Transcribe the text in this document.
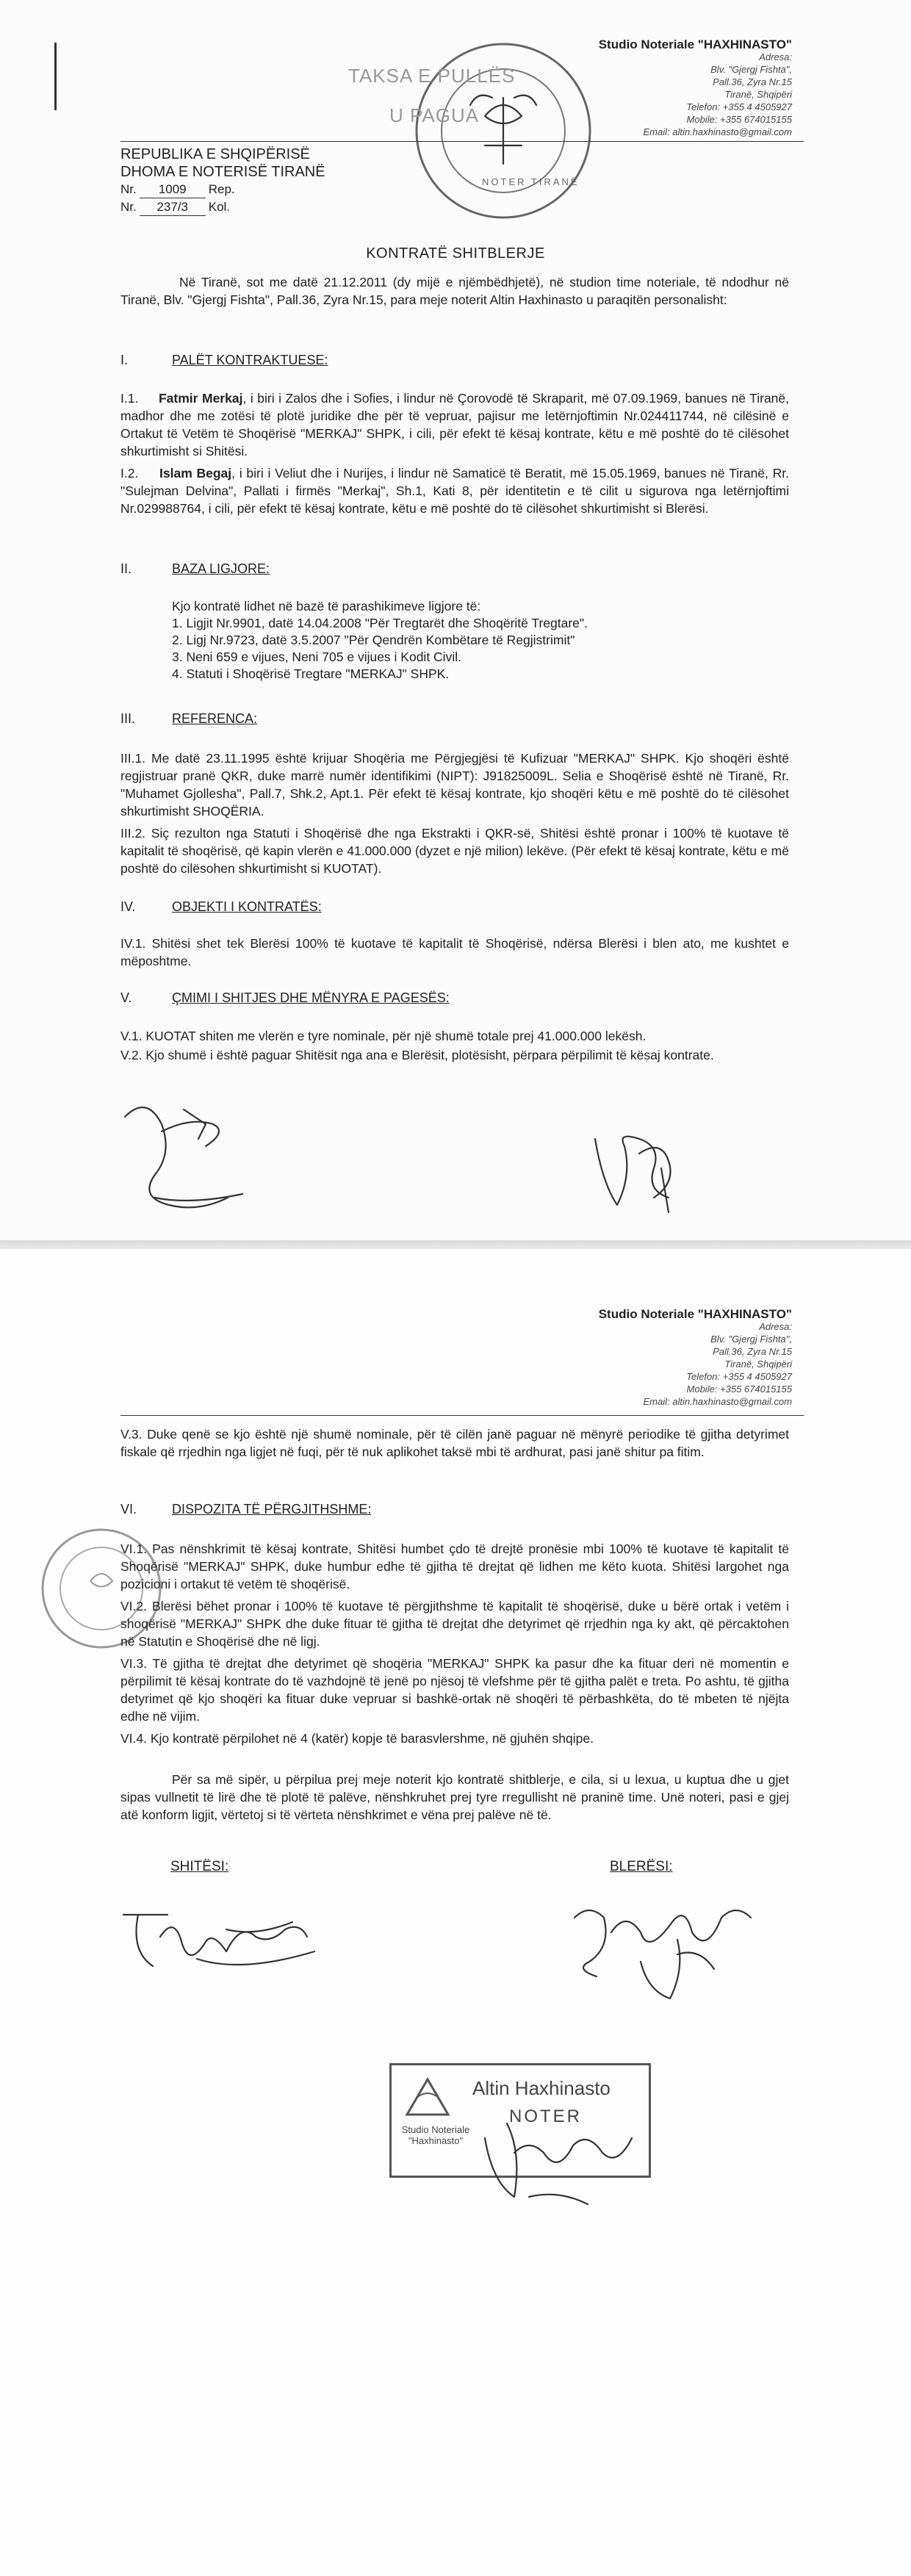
TAKSA E PULLËS
U PAGUA
NOTER TIRANË
Studio Noteriale "HAXHINASTO"
Adresa:
Blv. "Gjergj Fishta",
Pall.36, Zyra Nr.15
Tiranë, Shqipëri
Telefon: +355 4 4505927
Mobile: +355 674015155
Email: altin.haxhinasto@gmail.com
REPUBLIKA E SHQIPËRISË
DHOMA E NOTERISË TIRANË
Nr. 1009 Rep.
Nr. 237/3 Kol.
KONTRATË SHITBLERJE
Në Tiranë, sot me datë 21.12.2011 (dy mijë e njëmbëdhjetë), në studion time noteriale, të ndodhur në Tiranë, Blv. "Gjergj Fishta", Pall.36, Zyra Nr.15, para meje noterit Altin Haxhinasto u paraqitën personalisht:
I.	PALËT KONTRAKTUESE:
I.1. Fatmir Merkaj, i biri i Zalos dhe i Sofies, i lindur në Çorovodë të Skraparit, më 07.09.1969, banues në Tiranë, madhor dhe me zotësi të plotë juridike dhe për të vepruar, pajisur me letërnjoftimin Nr.024411744, në cilësinë e Ortakut të Vetëm të Shoqërisë "MERKAJ" SHPK, i cili, për efekt të kësaj kontrate, këtu e më poshtë do të cilësohet shkurtimisht si Shitësi.
I.2. Islam Begaj, i biri i Veliut dhe i Nurijes, i lindur në Samaticë të Beratit, më 15.05.1969, banues në Tiranë, Rr. "Sulejman Delvina", Pallati i firmës "Merkaj", Sh.1, Kati 8, për identitetin e të cilit u sigurova nga letërnjoftimi Nr.029988764, i cili, për efekt të kësaj kontrate, këtu e më poshtë do të cilësohet shkurtimisht si Blerësi.
II.	BAZA LIGJORE:
Kjo kontratë lidhet në bazë të parashikimeve ligjore të:
1. Ligjit Nr.9901, datë 14.04.2008 "Për Tregtarët dhe Shoqëritë Tregtare".
2. Ligj Nr.9723, datë 3.5.2007 "Për Qendrën Kombëtare të Regjistrimit"
3. Neni 659 e vijues, Neni 705 e vijues i Kodit Civil.
4. Statuti i Shoqërisë Tregtare "MERKAJ" SHPK.
III.	REFERENCA:
III.1. Me datë 23.11.1995 është krijuar Shoqëria me Përgjegjësi të Kufizuar "MERKAJ" SHPK. Kjo shoqëri është regjistruar pranë QKR, duke marrë numër identifikimi (NIPT): J91825009L. Selia e Shoqërisë është në Tiranë, Rr. "Muhamet Gjollesha", Pall.7, Shk.2, Apt.1. Për efekt të kësaj kontrate, kjo shoqëri këtu e më poshtë do të cilësohet shkurtimisht SHOQËRIA.
III.2. Siç rezulton nga Statuti i Shoqërisë dhe nga Ekstrakti i QKR-së, Shitësi është pronar i 100% të kuotave të kapitalit të shoqërisë, që kapin vlerën e 41.000.000 (dyzet e një milion) lekëve. (Për efekt të kësaj kontrate, këtu e më poshtë do cilësohen shkurtimisht si KUOTAT).
IV.	OBJEKTI I KONTRATËS:
IV.1. Shitësi shet tek Blerësi 100% të kuotave të kapitalit të Shoqërisë, ndërsa Blerësi i blen ato, me kushtet e mëposhtme.
V.	ÇMIMI I SHITJES DHE MËNYRA E PAGESËS:
V.1. KUOTAT shiten me vlerën e tyre nominale, për një shumë totale prej 41.000.000 lekësh.
V.2. Kjo shumë i është paguar Shitësit nga ana e Blerësit, plotësisht, përpara përpilimit të kësaj kontrate.
Studio Noteriale "HAXHINASTO"
Adresa:
Blv. "Gjergj Fishta",
Pall.36, Zyra Nr.15
Tiranë, Shqipëri
Telefon: +355 4 4505927
Mobile: +355 674015155
Email: altin.haxhinasto@gmail.com
V.3. Duke qenë se kjo është një shumë nominale, për të cilën janë paguar në mënyrë periodike të gjitha detyrimet fiskale që rrjedhin nga ligjet në fuqi, për të nuk aplikohet taksë mbi të ardhurat, pasi janë shitur pa fitim.
VI.	DISPOZITA TË PËRGJITHSHME:
VI.1. Pas nënshkrimit të kësaj kontrate, Shitësi humbet çdo të drejtë pronësie mbi 100% të kuotave të kapitalit të Shoqërisë "MERKAJ" SHPK, duke humbur edhe të gjitha të drejtat që lidhen me këto kuota. Shitësi largohet nga pozicioni i ortakut të vetëm të shoqërisë.
VI.2. Blerësi bëhet pronar i 100% të kuotave të përgjithshme të kapitalit të shoqërisë, duke u bërë ortak i vetëm i shoqërisë "MERKAJ" SHPK dhe duke fituar të gjitha të drejtat dhe detyrimet që rrjedhin nga ky akt, që përcaktohen në Statutin e Shoqërisë dhe në ligj.
VI.3. Të gjitha të drejtat dhe detyrimet që shoqëria "MERKAJ" SHPK ka pasur dhe ka fituar deri në momentin e përpilimit të kësaj kontrate do të vazhdojnë të jenë po njësoj të vlefshme për të gjitha palët e treta. Po ashtu, të gjitha detyrimet që kjo shoqëri ka fituar duke vepruar si bashkë-ortak në shoqëri të përbashkëta, do të mbeten të njëjta edhe në vijim.
VI.4. Kjo kontratë përpilohet në 4 (katër) kopje të barasvlershme, në gjuhën shqipe.
Për sa më sipër, u përpilua prej meje noterit kjo kontratë shitblerje, e cila, si u lexua, u kuptua dhe u gjet sipas vullnetit të lirë dhe të plotë të palëve, nënshkruhet prej tyre rregullisht në praninë time. Unë noteri, pasi e gjej atë konform ligjit, vërtetoj si të vërteta nënshkrimet e vëna prej palëve në të.
SHITËSI:	BLERËSI:
Altin Haxhinasto
NOTER
Studio Noteriale
"Haxhinasto"
